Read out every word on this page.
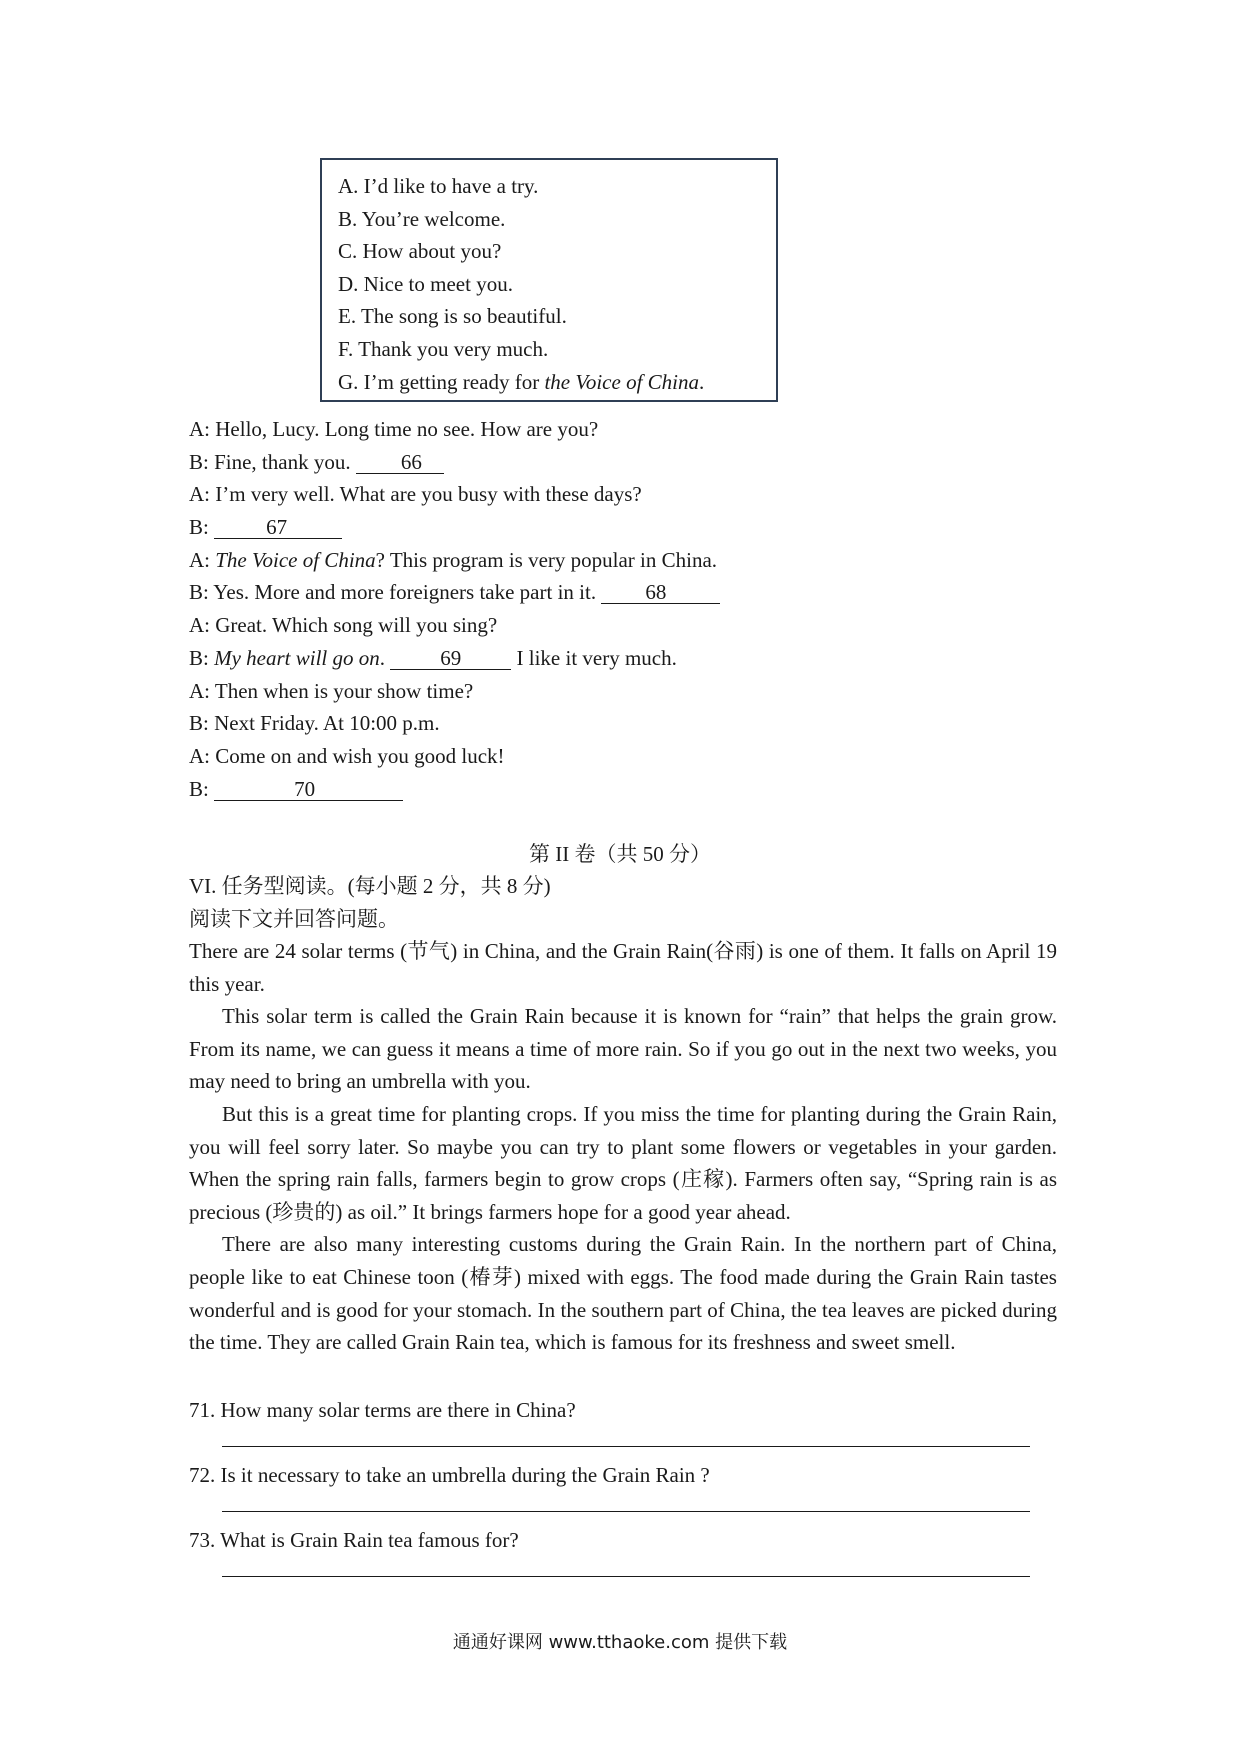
A. I’d like to have a try.
B. You’re welcome.
C. How about you?
D. Nice to meet you.
E. The song is so beautiful.
F. Thank you very much.
G. I’m getting ready for the Voice of China.
A: Hello, Lucy. Long time no see. How are you?
B: Fine, thank you. 66
A: I’m very well. What are you busy with these days?
B: 67
A: The Voice of China? This program is very popular in China.
B: Yes. More and more foreigners take part in it. 68
A: Great. Which song will you sing?
B: My heart will go on. 69 I like it very much.
A: Then when is your show time?
B: Next Friday. At 10:00 p.m.
A: Come on and wish you good luck!
B:	70
第 II 卷（共 50 分）
VI. 任务型阅读。(每小题 2 分，共 8 分)
阅读下文并回答问题。

There are 24 solar terms (节气) in China, and the Grain Rain(谷雨) is one of them. It falls on April 19 this year.

This solar term is called the Grain Rain because it is known for “rain” that helps the grain grow. From its name, we can guess it means a time of more rain. So if you go out in the next two weeks, you may need to bring an umbrella with you.

But this is a great time for planting crops. If you miss the time for planting during the Grain Rain, you will feel sorry later. So maybe you can try to plant some flowers or vegetables in your garden. When the spring rain falls, farmers begin to grow crops (庄稼). Farmers often say, “Spring rain is as precious (珍贵的) as oil.” It brings farmers hope for a good year ahead.

There are also many interesting customs during the Grain Rain. In the northern part of China, people like to eat Chinese toon (椿芽) mixed with eggs. The food made during the Grain Rain tastes wonderful and is good for your stomach. In the southern part of China, the tea leaves are picked during the time. They are called Grain Rain tea, which is famous for its freshness and sweet smell.

71. How many solar terms are there in China?
72. Is it necessary to take an umbrella during the Grain Rain ?
73. What is Grain Rain tea famous for?
通通好课网 www.tthaoke.com 提供下载
